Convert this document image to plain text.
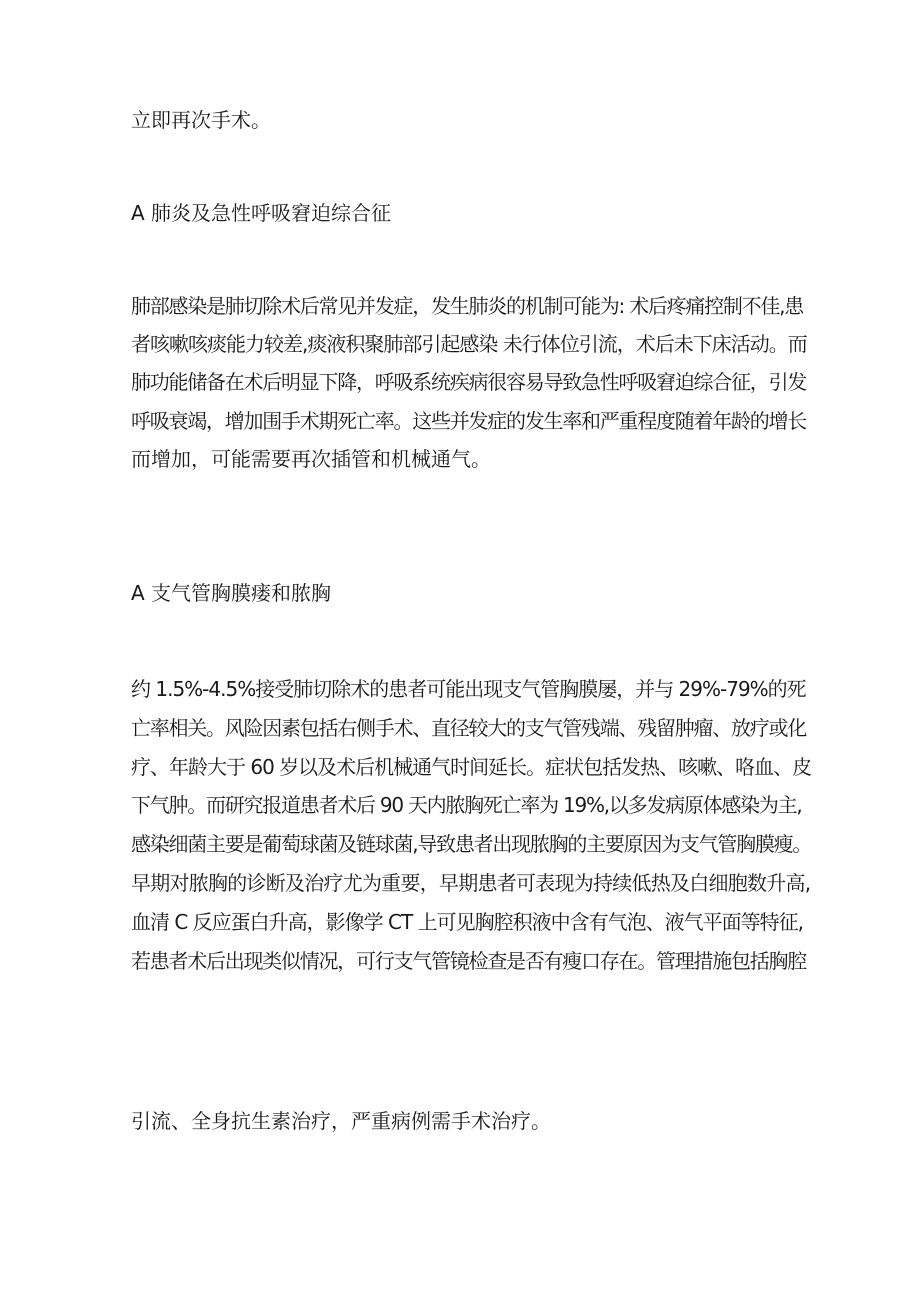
立即再次手术。

A 肺炎及急性呼吸窘迫综合征

肺部感染是肺切除术后常见并发症，发生肺炎的机制可能为: 术后疼痛控制不佳,患
者咳嗽咳痰能力较差,痰液积聚肺部引起感染 未行体位引流，术后未下床活动。而
肺功能储备在术后明显下降，呼吸系统疾病很容易导致急性呼吸窘迫综合征，引发
呼吸衰竭，增加围手术期死亡率。这些并发症的发生率和严重程度随着年龄的增长
而增加，可能需要再次插管和机械通气。

A 支气管胸膜瘘和脓胸

约 1.5%-4.5%接受肺切除术的患者可能出现支气管胸膜屡，并与 29%-79%的死
亡率相关。风险因素包括右侧手术、直径较大的支气管残端、残留肿瘤、放疗或化
疗、年龄大于 60 岁以及术后机械通气时间延长。症状包括发热、咳嗽、咯血、皮
下气肿。而研究报道患者术后 90 天内脓胸死亡率为 19%,以多发病原体感染为主,
感染细菌主要是葡萄球菌及链球菌,导致患者出现脓胸的主要原因为支气管胸膜瘦。
早期对脓胸的诊断及治疗尤为重要，早期患者可表现为持续低热及白细胞数升高,
血清 C 反应蛋白升高，影像学 CT 上可见胸腔积液中含有气泡、液气平面等特征,
若患者术后出现类似情况，可行支气管镜检查是否有瘦口存在。管理措施包括胸腔

引流、全身抗生素治疗，严重病例需手术治疗。
